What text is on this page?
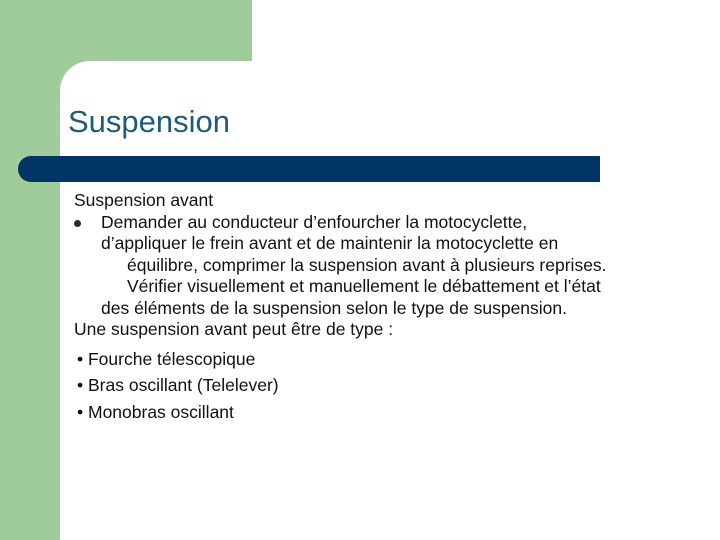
Suspension
Suspension avant
Demander au conducteur d’enfourcher la motocyclette,
d’appliquer le frein avant et de maintenir la motocyclette en
équilibre, comprimer la suspension avant à plusieurs reprises.
Vérifier visuellement et manuellement le débattement et l’état
des éléments de la suspension selon le type de suspension.
Une suspension avant peut être de type :
• Fourche télescopique
• Bras oscillant (Telelever)
• Monobras oscillant
